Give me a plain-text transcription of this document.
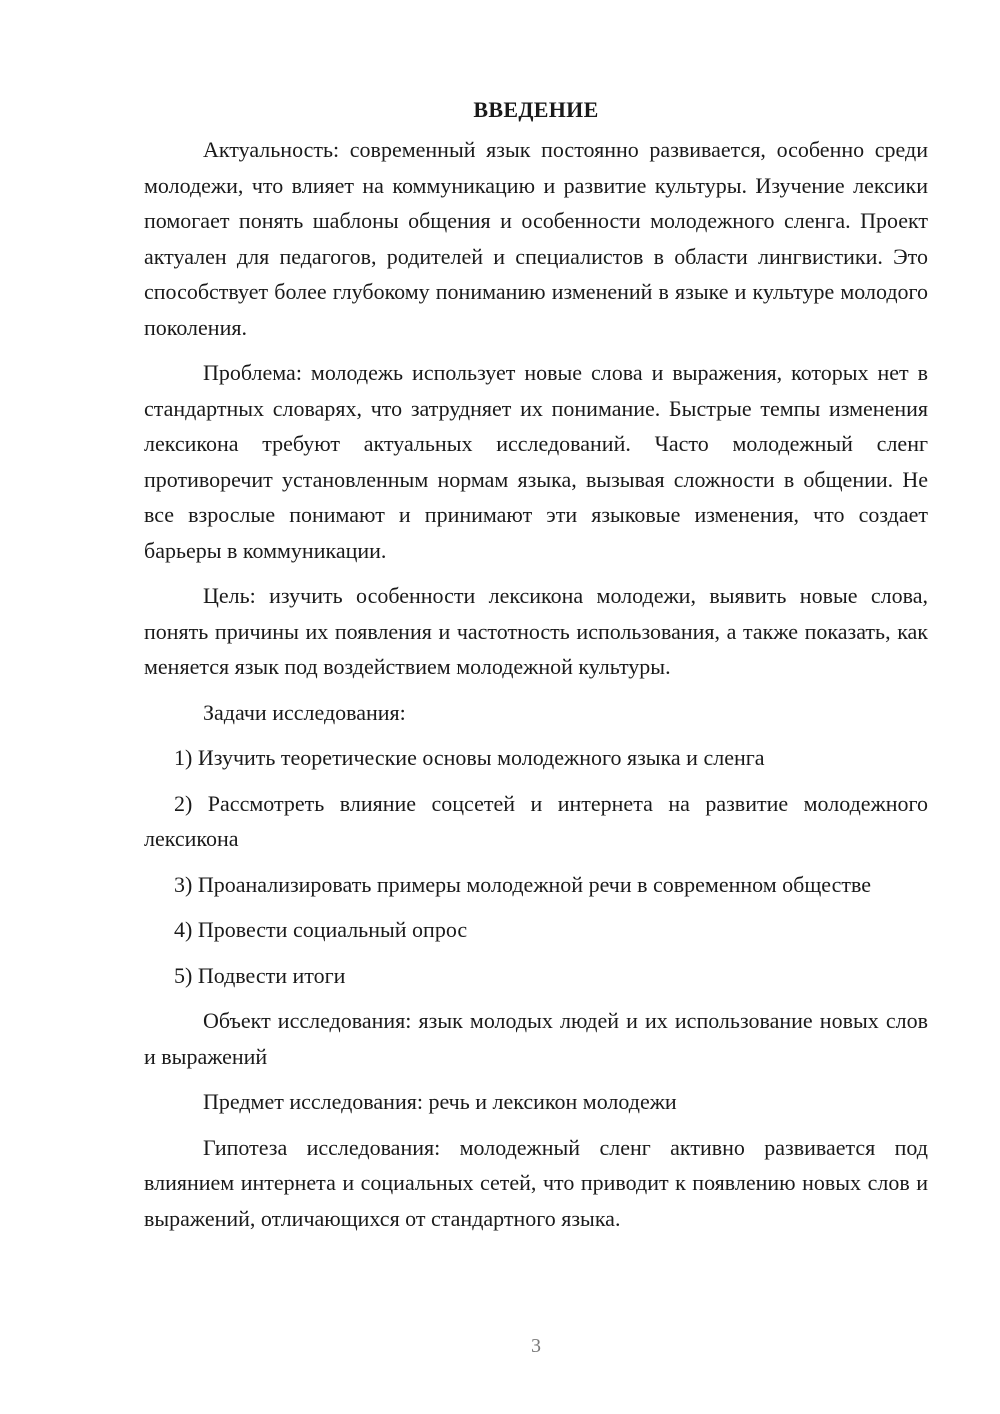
ВВЕДЕНИЕ

Актуальность: современный язык постоянно развивается, особенно среди молодежи, что влияет на коммуникацию и развитие культуры. Изучение лексики помогает понять шаблоны общения и особенности молодежного сленга. Проект актуален для педагогов, родителей и специалистов в области лингвистики. Это способствует более глубокому пониманию изменений в языке и культуре молодого поколения.

Проблема: молодежь использует новые слова и выражения, которых нет в стандартных словарях, что затрудняет их понимание. Быстрые темпы изменения лексикона требуют актуальных исследований. Часто молодежный сленг противоречит установленным нормам языка, вызывая сложности в общении. Не все взрослые понимают и принимают эти языковые изменения, что создает барьеры в коммуникации.

Цель: изучить особенности лексикона молодежи, выявить новые слова, понять причины их появления и частотность использования, а также показать, как меняется язык под воздействием молодежной культуры.

Задачи исследования:

1) Изучить теоретические основы молодежного языка и сленга

2) Рассмотреть влияние соцсетей и интернета на развитие молодежного лексикона

3) Проанализировать примеры молодежной речи в современном обществе

4) Провести социальный опрос

5) Подвести итоги

Объект исследования: язык молодых людей и их использование новых слов и выражений

Предмет исследования: речь и лексикон молодежи

Гипотеза исследования: молодежный сленг активно развивается под влиянием интернета и социальных сетей, что приводит к появлению новых слов и выражений, отличающихся от стандартного языка.

3
